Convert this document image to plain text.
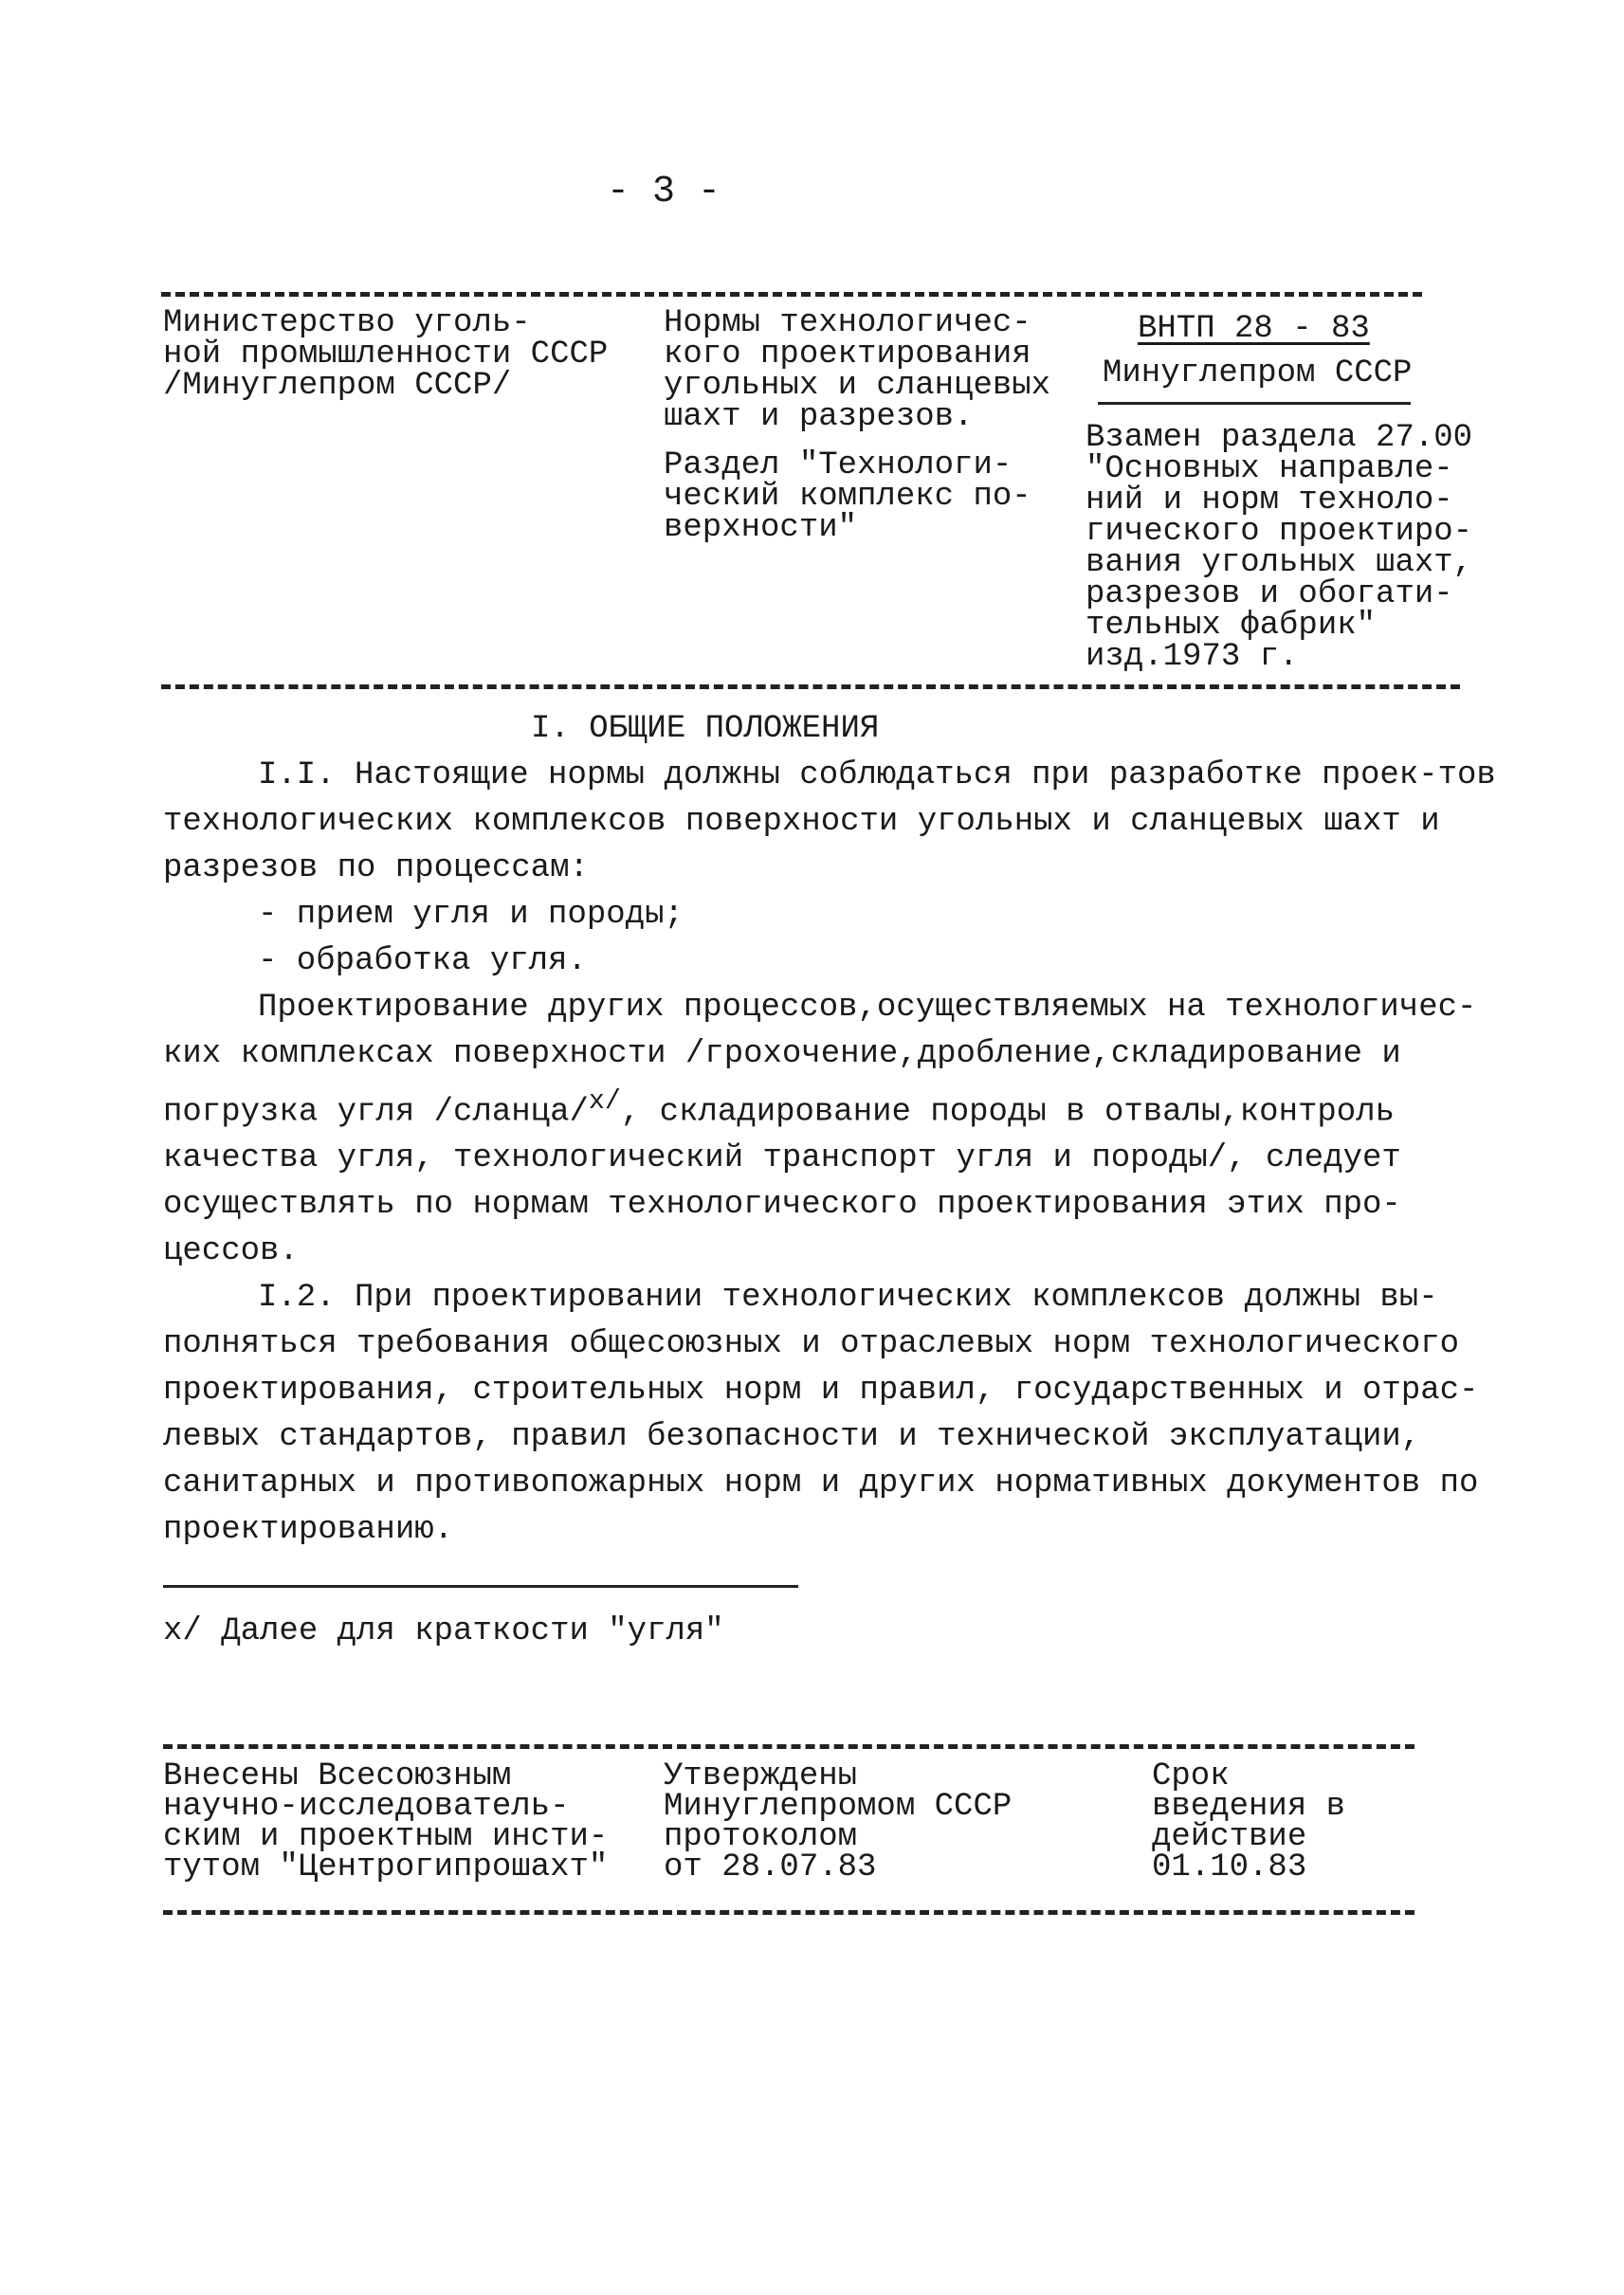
- 3 -
Министерство уголь-
ной промышленности СССР
/Минуглепром СССР/
Нормы технологичес-
кого проектирования
угольных и сланцевых
шахт и разрезов.
Раздел "Технологи-
ческий комплекс по-
верхности"
ВНТП 28 - 83
Минуглепром СССР
Взамен раздела 27.00
"Основных направле-
ний и норм техноло-
гического проектиро-
вания угольных шахт,
разрезов и обогати-
тельных фабрик"
изд.1973 г.
I. ОБЩИЕ ПОЛОЖЕНИЯ

I.I. Настоящие нормы должны соблюдаться при разработке проек-тов технологических комплексов поверхности угольных и сланцевых шахт и разрезов по процессам:

- прием угля и породы;

- обработка угля.

Проектирование других процессов,осуществляемых на технологичес-ких комплексах поверхности /грохочение,дробление,складирование и погрузка угля /сланца/$^{x/}$, складирование породы в отвалы,контроль качества угля, технологический транспорт угля и породы/, следует осуществлять по нормам технологического проектирования этих про-цессов.

I.2. При проектировании технологических комплексов должны вы-полняться требования общесоюзных и отраслевых норм технологического проектирования, строительных норм и правил, государственных и отрас-левых стандартов, правил безопасности и технической эксплуатации, санитарных и противопожарных норм и других нормативных документов по проектированию.

x/ Далее для краткости "угля"
Внесены Всесоюзным
научно-исследователь-
ским и проектным инсти-
тутом "Центрогипрошахт"
Утверждены
Минуглепромом СССР
протоколом
от 28.07.83
Срок
введения в
действие
01.10.83
